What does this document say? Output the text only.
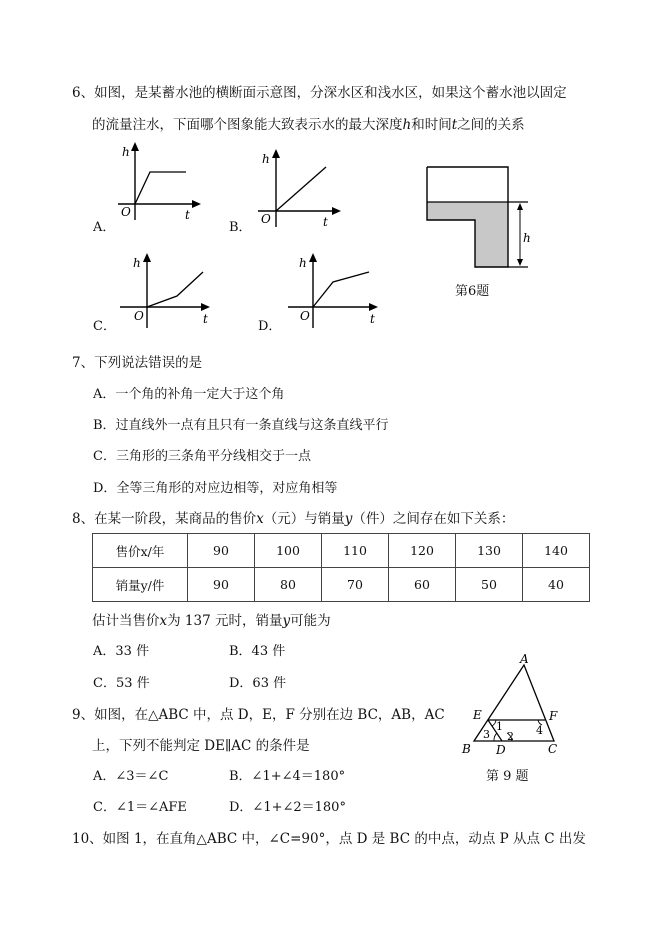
6、如图，是某蓄水池的横断面示意图，分深水区和浅水区，如果这个蓄水池以固定
的流量注水，下面哪个图象能大致表示水的最大深度h和时间t之间的关系
h
O	t
A．
h
O	t
B．
h
O	t
C．
h
O	t
D．
h
第6题
7、下列说法错误的是
A．一个角的补角一定大于这个角
B．过直线外一点有且只有一条直线与这条直线平行
C．三角形的三条角平分线相交于一点
D．全等三角形的对应边相等，对应角相等
8、在某一阶段，某商品的售价x（元）与销量y（件）之间存在如下关系：
售价x/年	90	100	110	120	130	140
销量y/件	90	80	70	60	50	40
估计当售价x为 137 元时，销量y可能为
A．33 件	B．43 件
C．53 件	D．63 件
9、如图，在△ABC 中，点 D，E，F 分别在边 BC，AB，AC
上，下列不能判定 DE∥AC 的条件是
A．∠3＝∠C	B．∠1+∠4＝180°
C．∠1＝∠AFE	D．∠1+∠2＝180°
A
B	C
D
E	F
1
2
3	4
第 9 题
10、如图 1，在直角△ABC 中，∠C=90°，点 D 是 BC 的中点，动点 P 从点 C 出发
